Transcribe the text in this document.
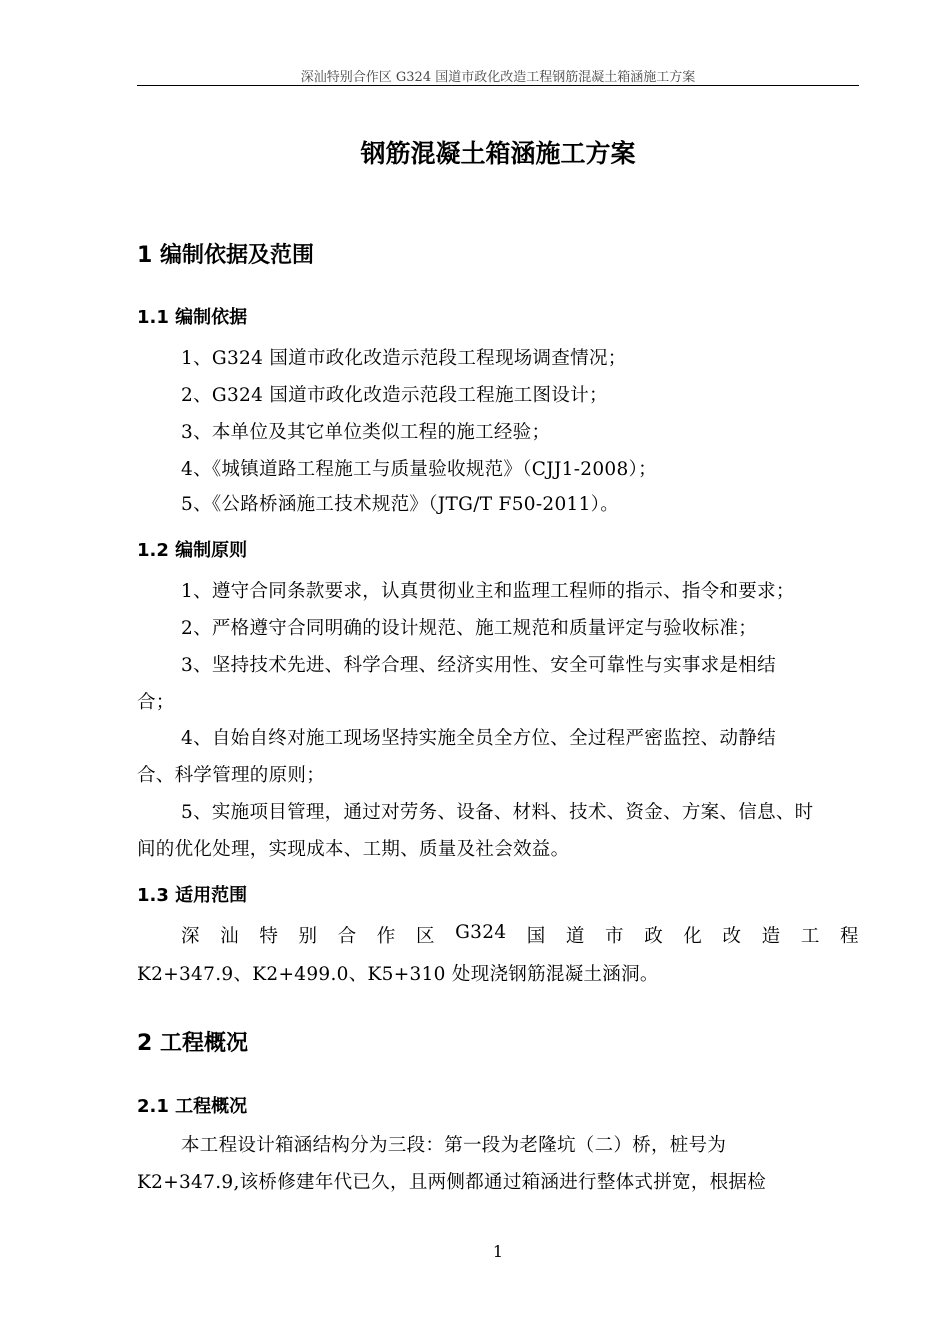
深汕特别合作区 G324 国道市政化改造工程钢筋混凝土箱涵施工方案
钢筋混凝土箱涵施工方案
1 编制依据及范围
1.1 编制依据
1、G324 国道市政化改造示范段工程现场调查情况；
2、G324 国道市政化改造示范段工程施工图设计；
3、本单位及其它单位类似工程的施工经验；
4、《城镇道路工程施工与质量验收规范》（CJJ1-2008）；
5、《公路桥涵施工技术规范》（JTG/T F50-2011）。
1.2 编制原则
1、遵守合同条款要求，认真贯彻业主和监理工程师的指示、指令和要求；
2、严格遵守合同明确的设计规范、施工规范和质量评定与验收标准；
3、坚持技术先进、科学合理、经济实用性、安全可靠性与实事求是相结
合；
4、自始自终对施工现场坚持实施全员全方位、全过程严密监控、动静结
合、科学管理的原则；
5、实施项目管理，通过对劳务、设备、材料、技术、资金、方案、信息、时
间的优化处理，实现成本、工期、质量及社会效益。
1.3 适用范围
深 汕 特 别 合 作 区 G324 国 道 市 政 化 改 造 工 程
K2+347.9、K2+499.0、K5+310 处现浇钢筋混凝土涵洞。
2 工程概况
2.1 工程概况
本工程设计箱涵结构分为三段：第一段为老隆坑（二）桥，桩号为
K2+347.9,该桥修建年代已久，且两侧都通过箱涵进行整体式拼宽，根据检
1
